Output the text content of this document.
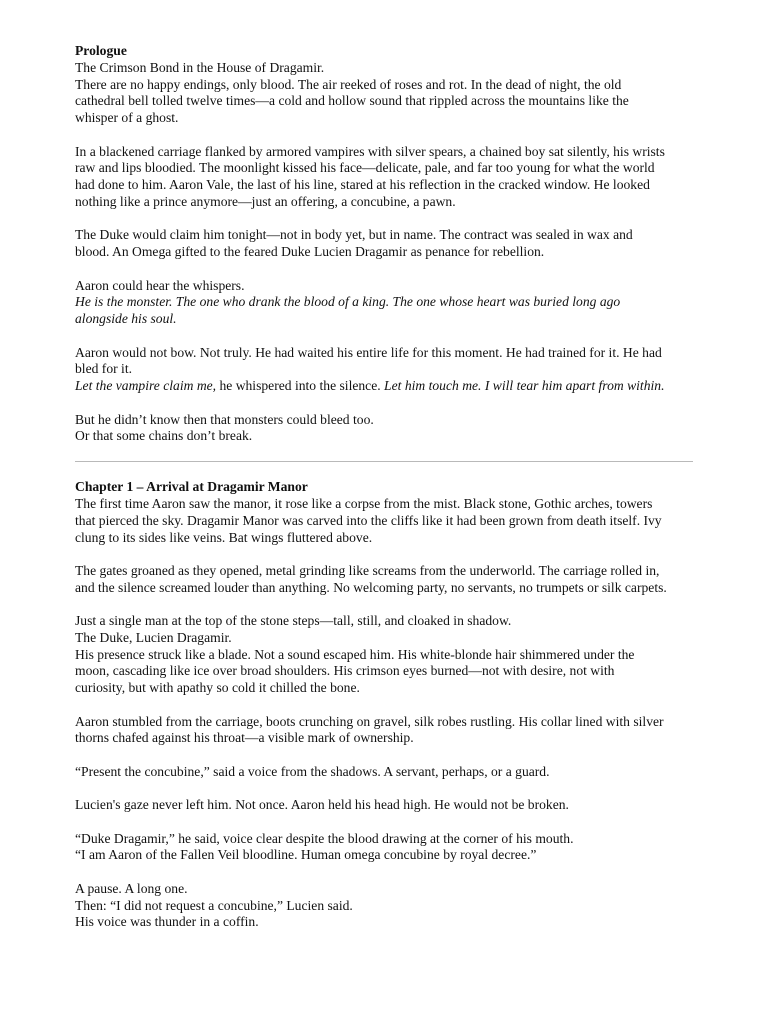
Prologue
The Crimson Bond in the House of Dragamir.
There are no happy endings, only blood. The air reeked of roses and rot. In the dead of night, the old
cathedral bell tolled twelve times—a cold and hollow sound that rippled across the mountains like the
whisper of a ghost.
In a blackened carriage flanked by armored vampires with silver spears, a chained boy sat silently, his wrists
raw and lips bloodied. The moonlight kissed his face—delicate, pale, and far too young for what the world
had done to him. Aaron Vale, the last of his line, stared at his reflection in the cracked window. He looked
nothing like a prince anymore—just an offering, a concubine, a pawn.
The Duke would claim him tonight—not in body yet, but in name. The contract was sealed in wax and
blood. An Omega gifted to the feared Duke Lucien Dragamir as penance for rebellion.
Aaron could hear the whispers.
He is the monster. The one who drank the blood of a king. The one whose heart was buried long ago
alongside his soul.
Aaron would not bow. Not truly. He had waited his entire life for this moment. He had trained for it. He had
bled for it.
Let the vampire claim me, he whispered into the silence. Let him touch me. I will tear him apart from within.
But he didn’t know then that monsters could bleed too.
Or that some chains don’t break.
Chapter 1 – Arrival at Dragamir Manor
The first time Aaron saw the manor, it rose like a corpse from the mist. Black stone, Gothic arches, towers
that pierced the sky. Dragamir Manor was carved into the cliffs like it had been grown from death itself. Ivy
clung to its sides like veins. Bat wings fluttered above.
The gates groaned as they opened, metal grinding like screams from the underworld. The carriage rolled in,
and the silence screamed louder than anything. No welcoming party, no servants, no trumpets or silk carpets.
Just a single man at the top of the stone steps—tall, still, and cloaked in shadow.
The Duke, Lucien Dragamir.
His presence struck like a blade. Not a sound escaped him. His white-blonde hair shimmered under the
moon, cascading like ice over broad shoulders. His crimson eyes burned—not with desire, not with
curiosity, but with apathy so cold it chilled the bone.
Aaron stumbled from the carriage, boots crunching on gravel, silk robes rustling. His collar lined with silver
thorns chafed against his throat—a visible mark of ownership.
“Present the concubine,” said a voice from the shadows. A servant, perhaps, or a guard.
Lucien's gaze never left him. Not once. Aaron held his head high. He would not be broken.
“Duke Dragamir,” he said, voice clear despite the blood drawing at the corner of his mouth.
“I am Aaron of the Fallen Veil bloodline. Human omega concubine by royal decree.”
A pause. A long one.
Then: “I did not request a concubine,” Lucien said.
His voice was thunder in a coffin.
